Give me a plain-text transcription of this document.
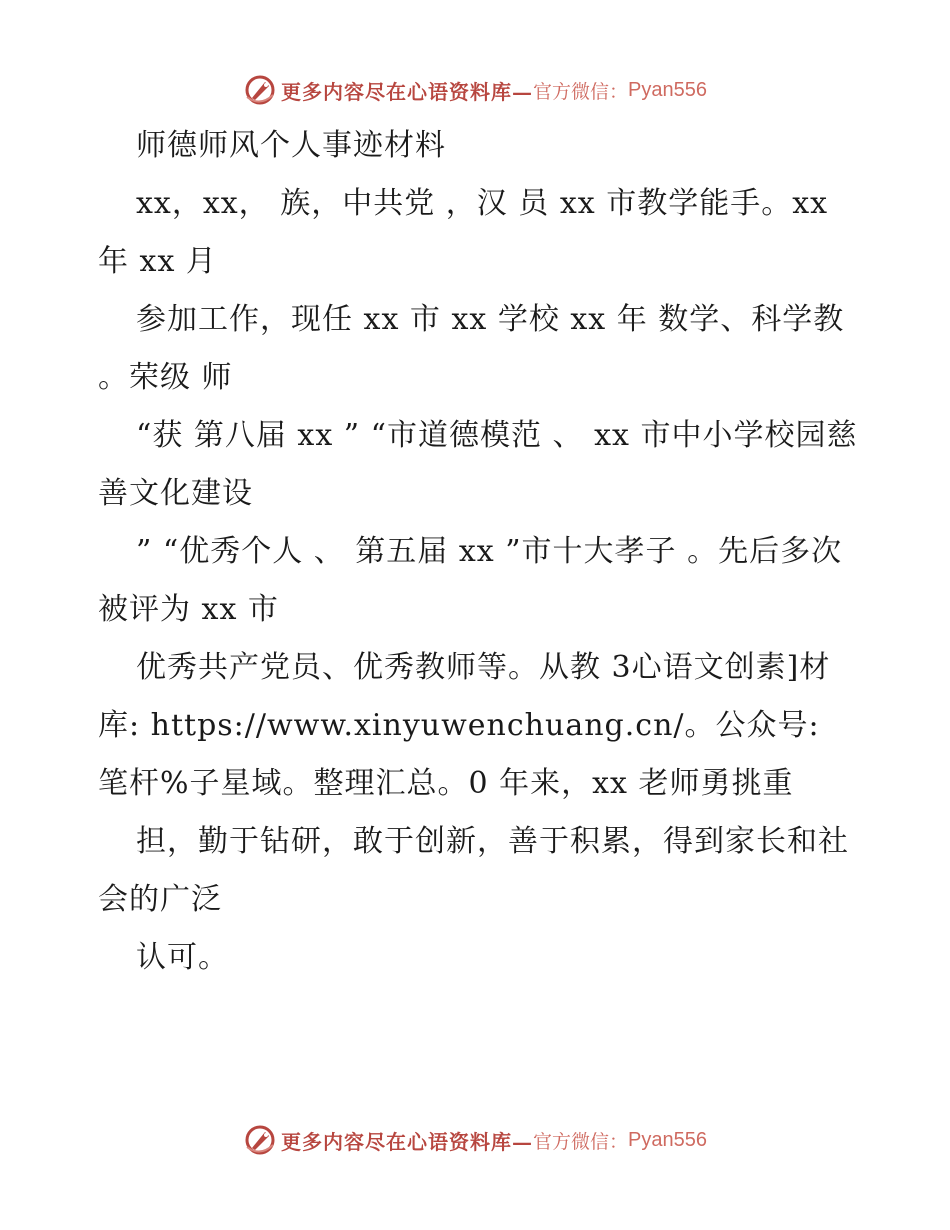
更多内容尽在心语资料库— 官方微信： Pyan556

师德师风个人事迹材料

xx，xx， 族，中共党 ，汉 员 xx 市教学能手。xx 年 xx 月

参加工作，现任 xx 市 xx 学校 xx 年 数学、科学教 。荣级 师

“获 第八届 xx ” “市道德模范 、 xx 市中小学校园慈善文化建设

” “优秀个人 、 第五届 xx ”市十大孝子 。先后多次被评为 xx 市

优秀共产党员、优秀教师等。从教 3心语文创素]材库: https://www.xinyuwenchuang.cn/。公众号: 笔杆%子星域。整理汇总。0 年来，xx 老师勇挑重

担，勤于钻研，敢于创新，善于积累，得到家长和社会的广泛

认可。

更多内容尽在心语资料库— 官方微信： Pyan556
